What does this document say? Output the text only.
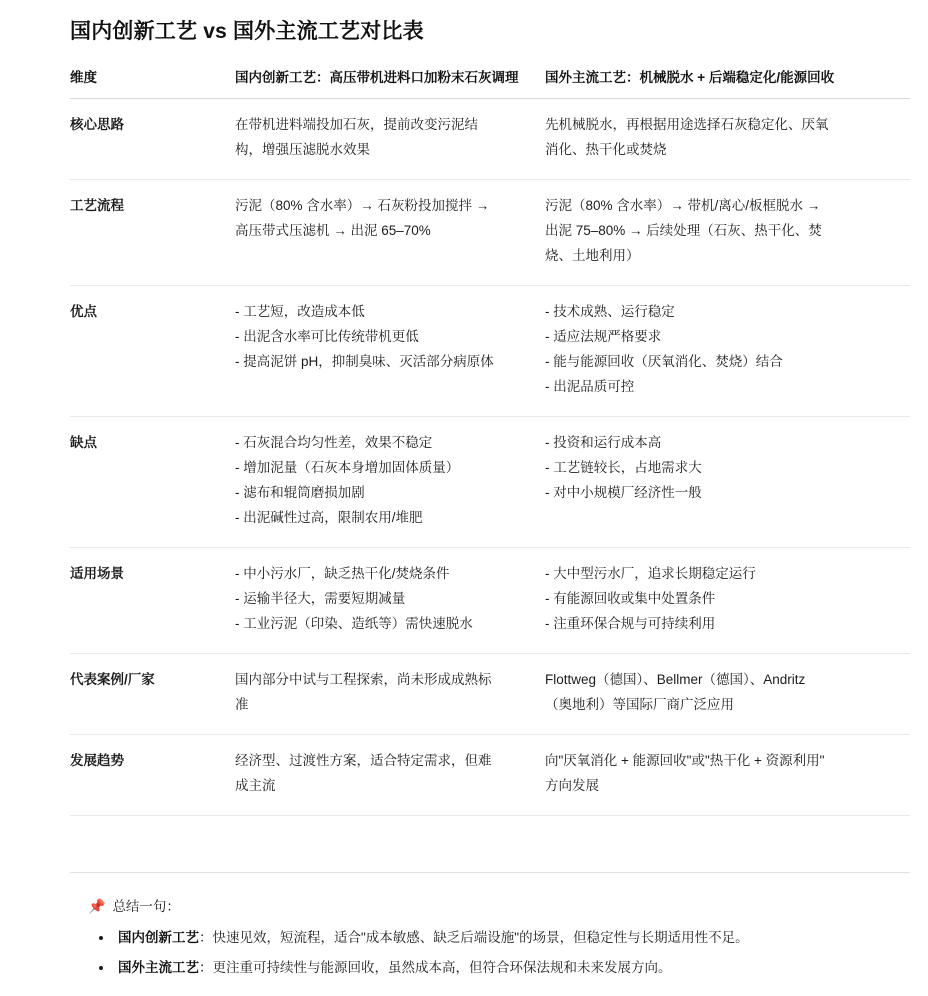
国内创新工艺 vs 国外主流工艺对比表
维度	国内创新工艺：高压带机进料口加粉末石灰调理	国外主流工艺：机械脱水 + 后端稳定化/能源回收
核心思路	在带机进料端投加石灰，提前改变污泥结
构，增强压滤脱水效果	先机械脱水，再根据用途选择石灰稳定化、厌氧
消化、热干化或焚烧

工艺流程	污泥（80% 含水率）→ 石灰粉投加搅拌 →
高压带式压滤机 → 出泥 65–70%	污泥（80% 含水率）→ 带机/离心/板框脱水 →
出泥 75–80% → 后续处理（石灰、热干化、焚
烧、土地利用）

优点	- 工艺短，改造成本低
- 出泥含水率可比传统带机更低
- 提高泥饼 pH，抑制臭味、灭活部分病原体	- 技术成熟、运行稳定
- 适应法规严格要求
- 能与能源回收（厌氧消化、焚烧）结合
- 出泥品质可控

缺点	- 石灰混合均匀性差，效果不稳定
- 增加泥量（石灰本身增加固体质量）
- 滤布和辊筒磨损加剧
- 出泥碱性过高，限制农用/堆肥	- 投资和运行成本高
- 工艺链较长，占地需求大
- 对中小规模厂经济性一般

适用场景	- 中小污水厂，缺乏热干化/焚烧条件
- 运输半径大，需要短期减量
- 工业污泥（印染、造纸等）需快速脱水	- 大中型污水厂，追求长期稳定运行
- 有能源回收或集中处置条件
- 注重环保合规与可持续利用

代表案例/厂家	国内部分中试与工程探索，尚未形成成熟标
准	Flottweg（德国）、Bellmer（德国）、Andritz
（奥地利）等国际厂商广泛应用

发展趋势	经济型、过渡性方案，适合特定需求，但难
成主流	向"厌氧消化 + 能源回收"或"热干化 + 资源利用"
方向发展
📌 总结一句：
• 国内创新工艺：快速见效，短流程，适合"成本敏感、缺乏后端设施"的场景，但稳定性与长期适用性不足。
• 国外主流工艺：更注重可持续性与能源回收，虽然成本高，但符合环保法规和未来发展方向。
